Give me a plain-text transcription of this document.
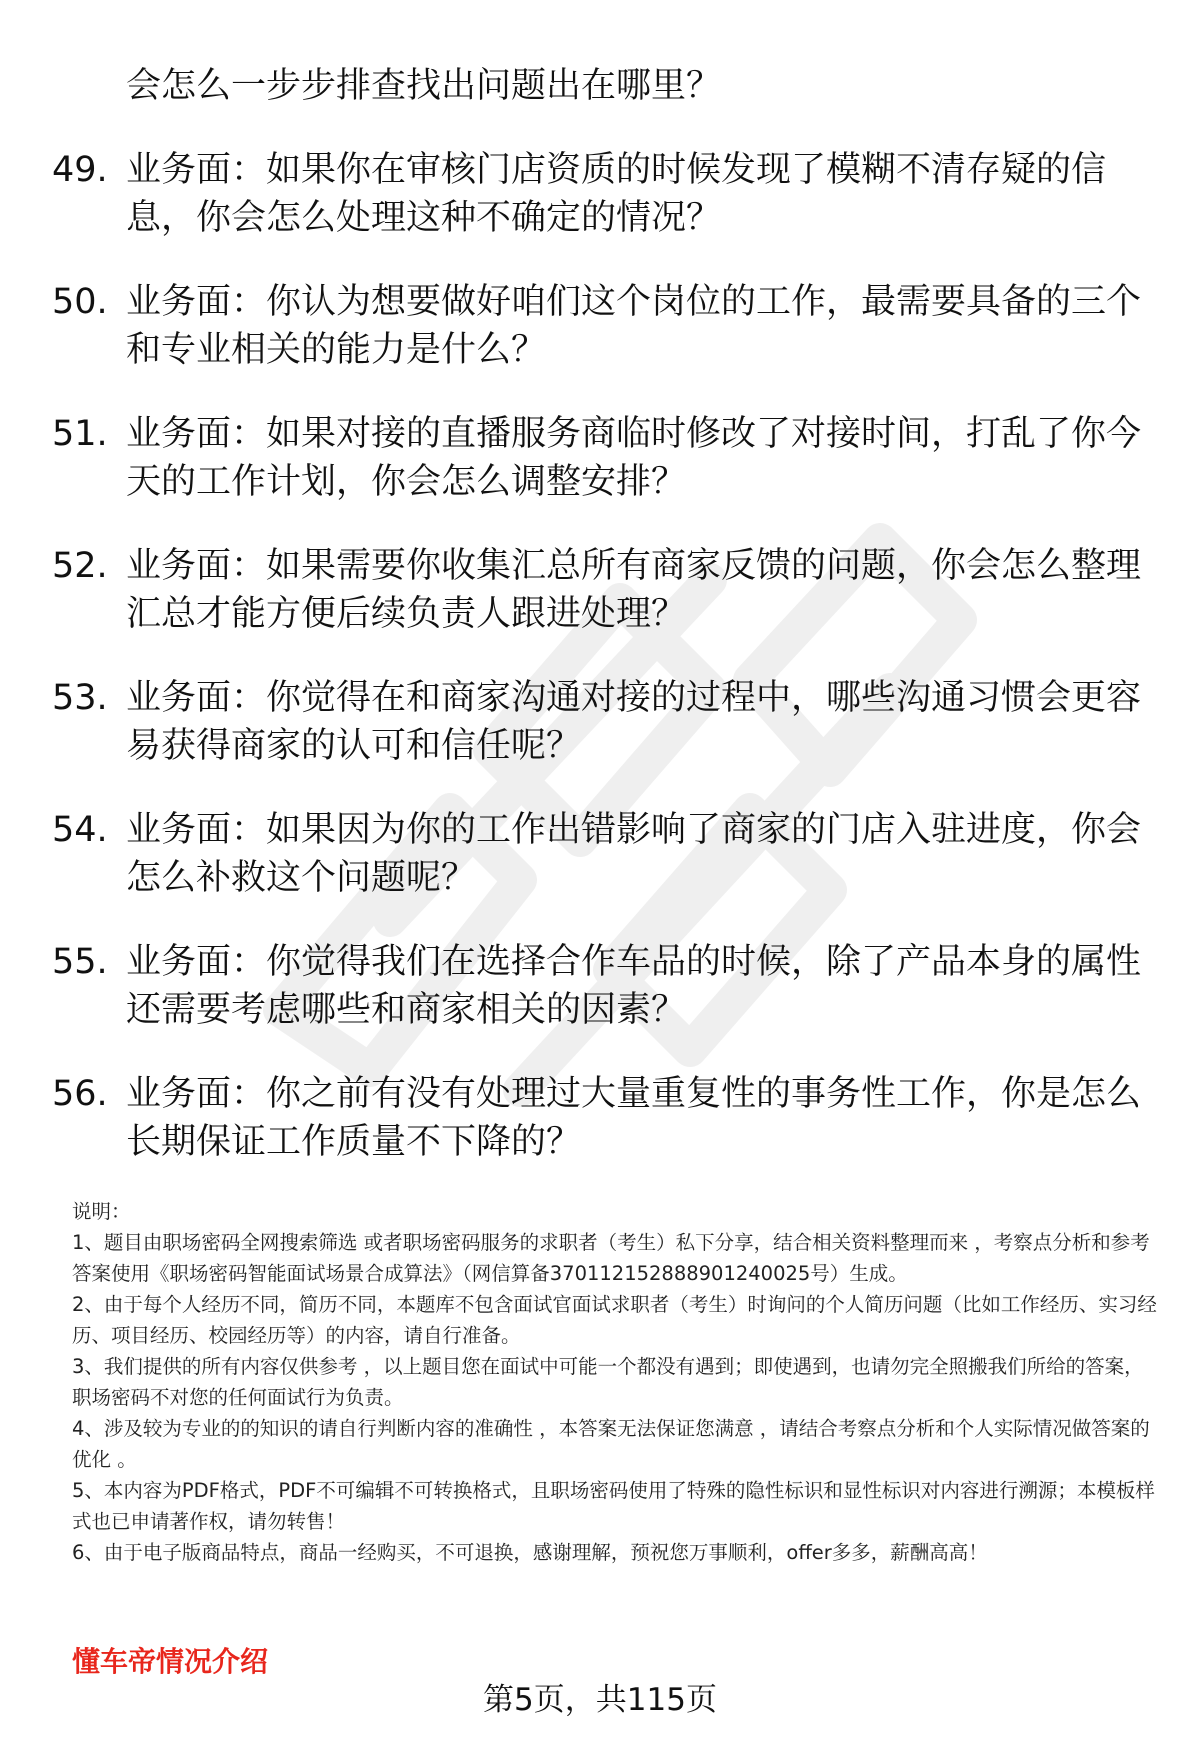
会怎么一步步排查找出问题出在哪里？

49. 业务面：如果你在审核门店资质的时候发现了模糊不清存疑的信息，你会怎么处理这种不确定的情况？
50. 业务面：你认为想要做好咱们这个岗位的工作，最需要具备的三个和专业相关的能力是什么？
51. 业务面：如果对接的直播服务商临时修改了对接时间，打乱了你今天的工作计划，你会怎么调整安排？
52. 业务面：如果需要你收集汇总所有商家反馈的问题，你会怎么整理汇总才能方便后续负责人跟进处理？
53. 业务面：你觉得在和商家沟通对接的过程中，哪些沟通习惯会更容易获得商家的认可和信任呢？
54. 业务面：如果因为你的工作出错影响了商家的门店入驻进度，你会怎么补救这个问题呢？
55. 业务面：你觉得我们在选择合作车品的时候，除了产品本身的属性还需要考虑哪些和商家相关的因素？
56. 业务面：你之前有没有处理过大量重复性的事务性工作，你是怎么长期保证工作质量不下降的？

说明：

1、题目由职场密码全网搜索筛选 或者职场密码服务的求职者（考生）私下分享，结合相关资料整理而来 ，考察点分析和参考答案使用《职场密码智能面试场景合成算法》（网信算备370112152888901240025号）生成。

2、由于每个人经历不同，简历不同，本题库不包含面试官面试求职者（考生）时询问的个人简历问题（比如工作经历、实习经历、项目经历、校园经历等）的内容，请自行准备。

3、我们提供的所有内容仅供参考 ，以上题目您在面试中可能一个都没有遇到；即使遇到，也请勿完全照搬我们所给的答案，职场密码不对您的任何面试行为负责。

4、涉及较为专业的的知识的请自行判断内容的准确性 ，本答案无法保证您满意 ，请结合考察点分析和个人实际情况做答案的优化 。

5、本内容为PDF格式，PDF不可编辑不可转换格式，且职场密码使用了特殊的隐性标识和显性标识对内容进行溯源；本模板样式也已申请著作权，请勿转售！

6、由于电子版商品特点，商品一经购买，不可退换，感谢理解，预祝您万事顺利，offer多多，薪酬高高！

懂车帝情况介绍
第5页，共115页
